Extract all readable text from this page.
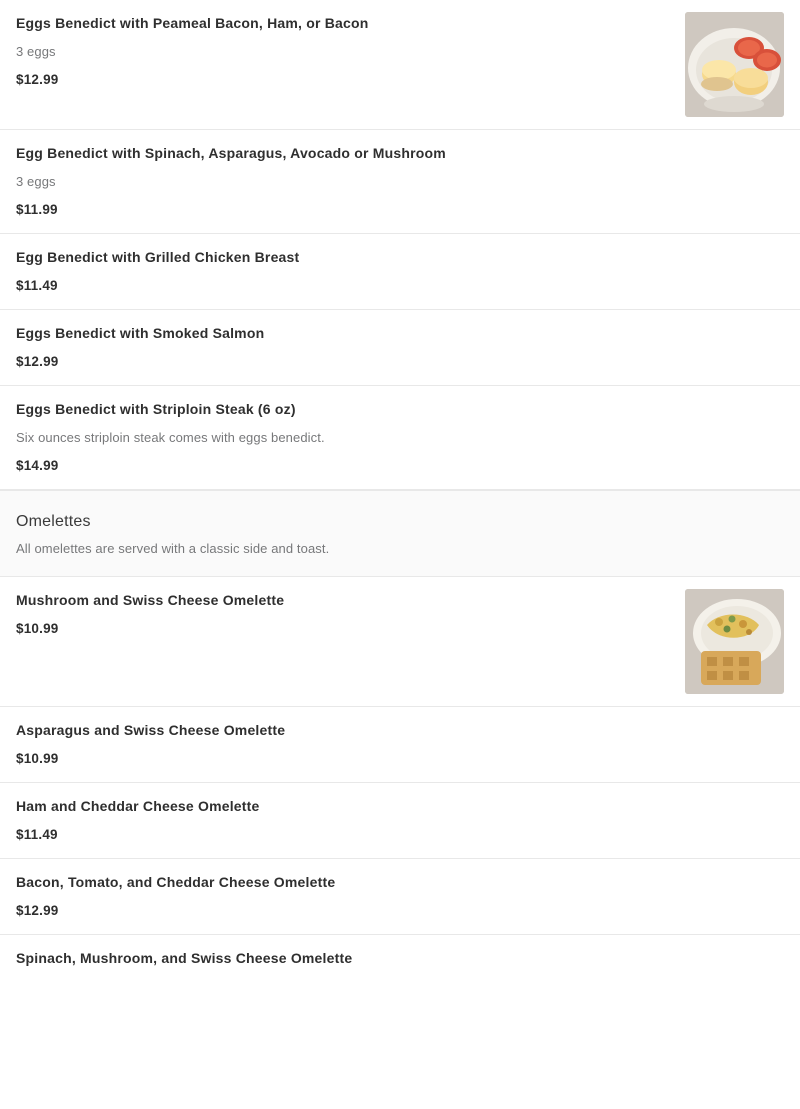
Eggs Benedict with Peameal Bacon, Ham, or Bacon
3 eggs
$12.99
Egg Benedict with Spinach, Asparagus, Avocado or Mushroom
3 eggs
$11.99
Egg Benedict with Grilled Chicken Breast
$11.49
Eggs Benedict with Smoked Salmon
$12.99
Eggs Benedict with Striploin Steak (6 oz)
Six ounces striploin steak comes with eggs benedict.
$14.99
Omelettes

All omelettes are served with a classic side and toast.

Mushroom and Swiss Cheese Omelette
$10.99
Asparagus and Swiss Cheese Omelette
$10.99
Ham and Cheddar Cheese Omelette
$11.49
Bacon, Tomato, and Cheddar Cheese Omelette
$12.99
Spinach, Mushroom, and Swiss Cheese Omelette
